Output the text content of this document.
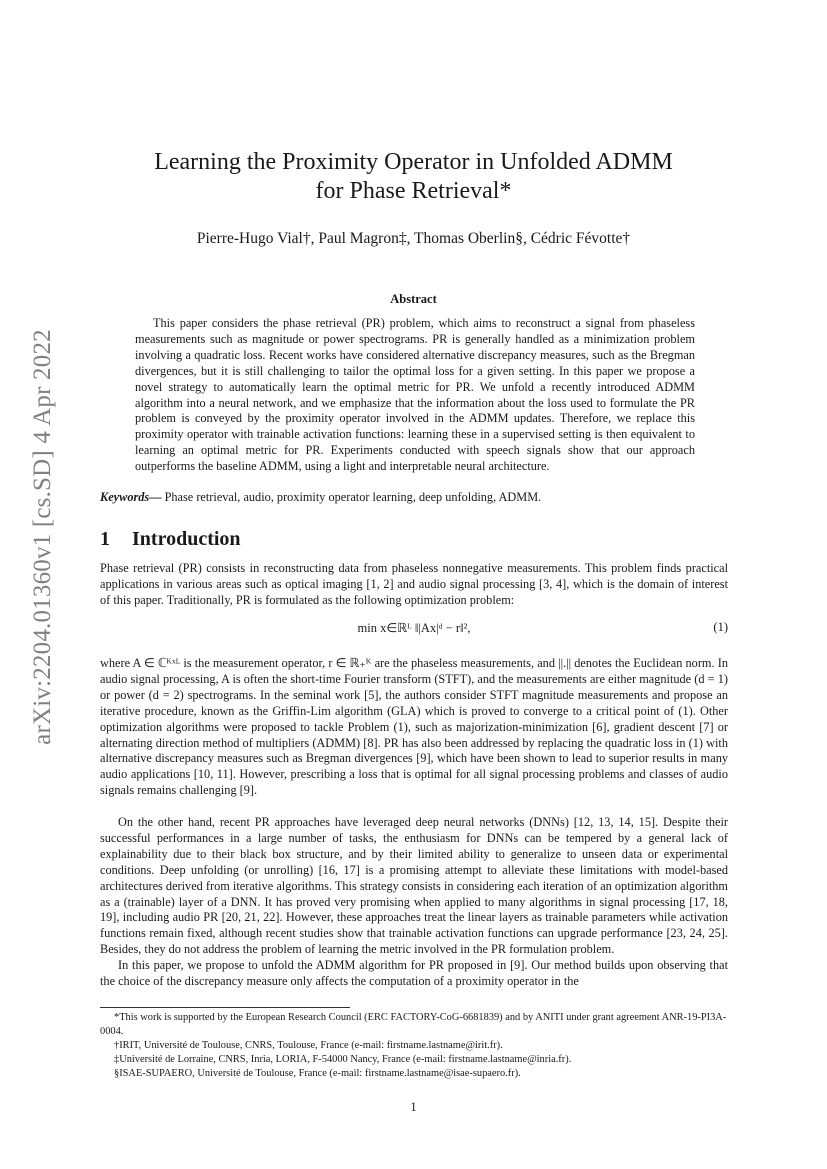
arXiv:2204.01360v1 [cs.SD] 4 Apr 2022
Learning the Proximity Operator in Unfolded ADMM
for Phase Retrieval*
Pierre-Hugo Vial†, Paul Magron‡, Thomas Oberlin§, Cédric Févotte†
Abstract

This paper considers the phase retrieval (PR) problem, which aims to reconstruct a signal from phaseless measurements such as magnitude or power spectrograms. PR is generally handled as a minimization problem involving a quadratic loss. Recent works have considered alternative discrepancy measures, such as the Bregman divergences, but it is still challenging to tailor the optimal loss for a given setting. In this paper we propose a novel strategy to automatically learn the optimal metric for PR. We unfold a recently introduced ADMM algorithm into a neural network, and we emphasize that the information about the loss used to formulate the PR problem is conveyed by the proximity operator involved in the ADMM updates. Therefore, we replace this proximity operator with trainable activation functions: learning these in a supervised setting is then equivalent to learning an optimal metric for PR. Experiments conducted with speech signals show that our approach outperforms the baseline ADMM, using a light and interpretable neural architecture.

Keywords— Phase retrieval, audio, proximity operator learning, deep unfolding, ADMM.

1 Introduction

Phase retrieval (PR) consists in reconstructing data from phaseless nonnegative measurements. This problem finds practical applications in various areas such as optical imaging [1, 2] and audio signal processing [3, 4], which is the domain of interest of this paper. Traditionally, PR is formulated as the following optimization problem:

min x∈ℝᴸ ‖|Ax|ᵈ − r‖²,	(1)

where A ∈ ℂᴷˣᴸ is the measurement operator, r ∈ ℝ₊ᴷ are the phaseless measurements, and ||.|| denotes the Euclidean norm. In audio signal processing, A is often the short-time Fourier transform (STFT), and the measurements are either magnitude (d = 1) or power (d = 2) spectrograms. In the seminal work [5], the authors consider STFT magnitude measurements and propose an iterative procedure, known as the Griffin-Lim algorithm (GLA) which is proved to converge to a critical point of (1). Other optimization algorithms were proposed to tackle Problem (1), such as majorization-minimization [6], gradient descent [7] or alternating direction method of multipliers (ADMM) [8]. PR has also been addressed by replacing the quadratic loss in (1) with alternative discrepancy measures such as Bregman divergences [9], which have been shown to lead to superior results in many audio applications [10, 11]. However, prescribing a loss that is optimal for all signal processing problems and classes of audio signals remains challenging [9].

On the other hand, recent PR approaches have leveraged deep neural networks (DNNs) [12, 13, 14, 15]. Despite their successful performances in a large number of tasks, the enthusiasm for DNNs can be tempered by a general lack of explainability due to their black box structure, and by their limited ability to generalize to unseen data or experimental conditions. Deep unfolding (or unrolling) [16, 17] is a promising attempt to alleviate these limitations with model-based architectures derived from iterative algorithms. This strategy consists in considering each iteration of an optimization algorithm as a (trainable) layer of a DNN. It has proved very promising when applied to many algorithms in signal processing [17, 18, 19], including audio PR [20, 21, 22]. However, these approaches treat the linear layers as trainable parameters while activation functions remain fixed, although recent studies show that trainable activation functions can upgrade performance [23, 24, 25]. Besides, they do not address the problem of learning the metric involved in the PR formulation problem.

In this paper, we propose to unfold the ADMM algorithm for PR proposed in [9]. Our method builds upon observing that the choice of the discrepancy measure only affects the computation of a proximity operator in the

*This work is supported by the European Research Council (ERC FACTORY-CoG-6681839) and by ANITI under grant agreement ANR-19-PI3A-0004.

†IRIT, Université de Toulouse, CNRS, Toulouse, France (e-mail: firstname.lastname@irit.fr).

‡Université de Lorraine, CNRS, Inria, LORIA, F-54000 Nancy, France (e-mail: firstname.lastname@inria.fr).

§ISAE-SUPAERO, Université de Toulouse, France (e-mail: firstname.lastname@isae-supaero.fr).

1
